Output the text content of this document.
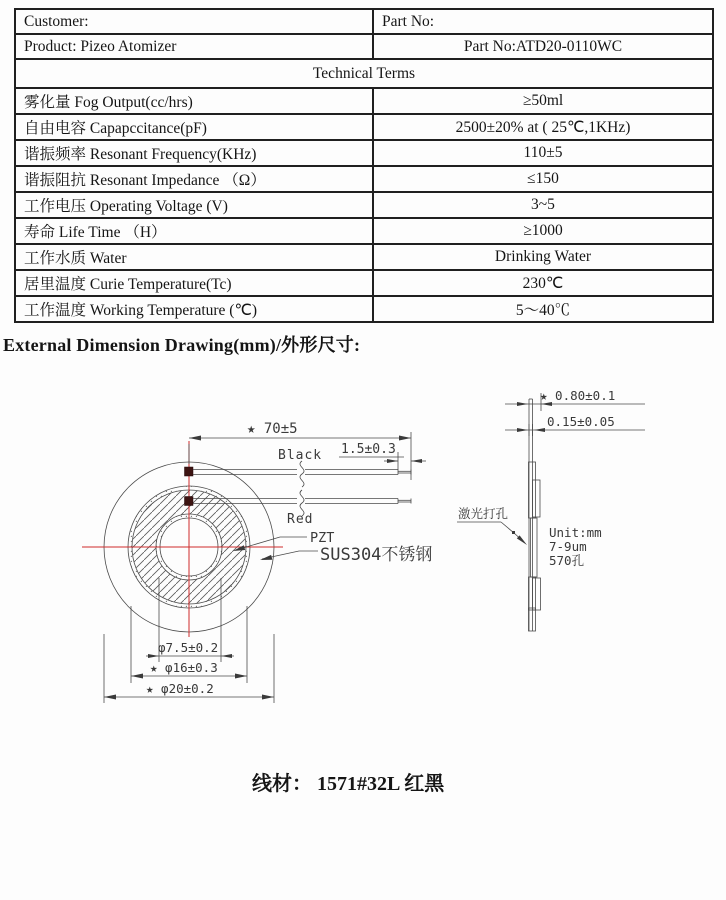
Customer:	Part No:
Product: Pizeo Atomizer	Part No:ATD20-0110WC
Technical Terms	
雾化量 Fog Output(cc/hrs)	≥50ml
自由电容 Capapccitance(pF)	2500±20% at ( 25℃,1KHz)
谐振频率 Resonant Frequency(KHz)	110±5
谐振阻抗 Resonant Impedance （Ω）	≤150
工作电压 Operating Voltage (V)	3~5
寿命 Life Time （H）	≥1000
工作水质 Water	Drinking Water
居里温度 Curie Temperature(Tc)	230℃
工作温度 Working Temperature (℃)	5～40℃
External Dimension Drawing(mm)/外形尺寸:
★ 70±5
1.5±0.3
Black
Red
PZT
SUS304不锈钢
φ7.5±0.2
★ φ16±0.3
★ φ20±0.2
★ 0.80±0.1
0.15±0.05
激光打孔
Unit:mm
7-9um
570孔
线材： 1571#32L 红黑
